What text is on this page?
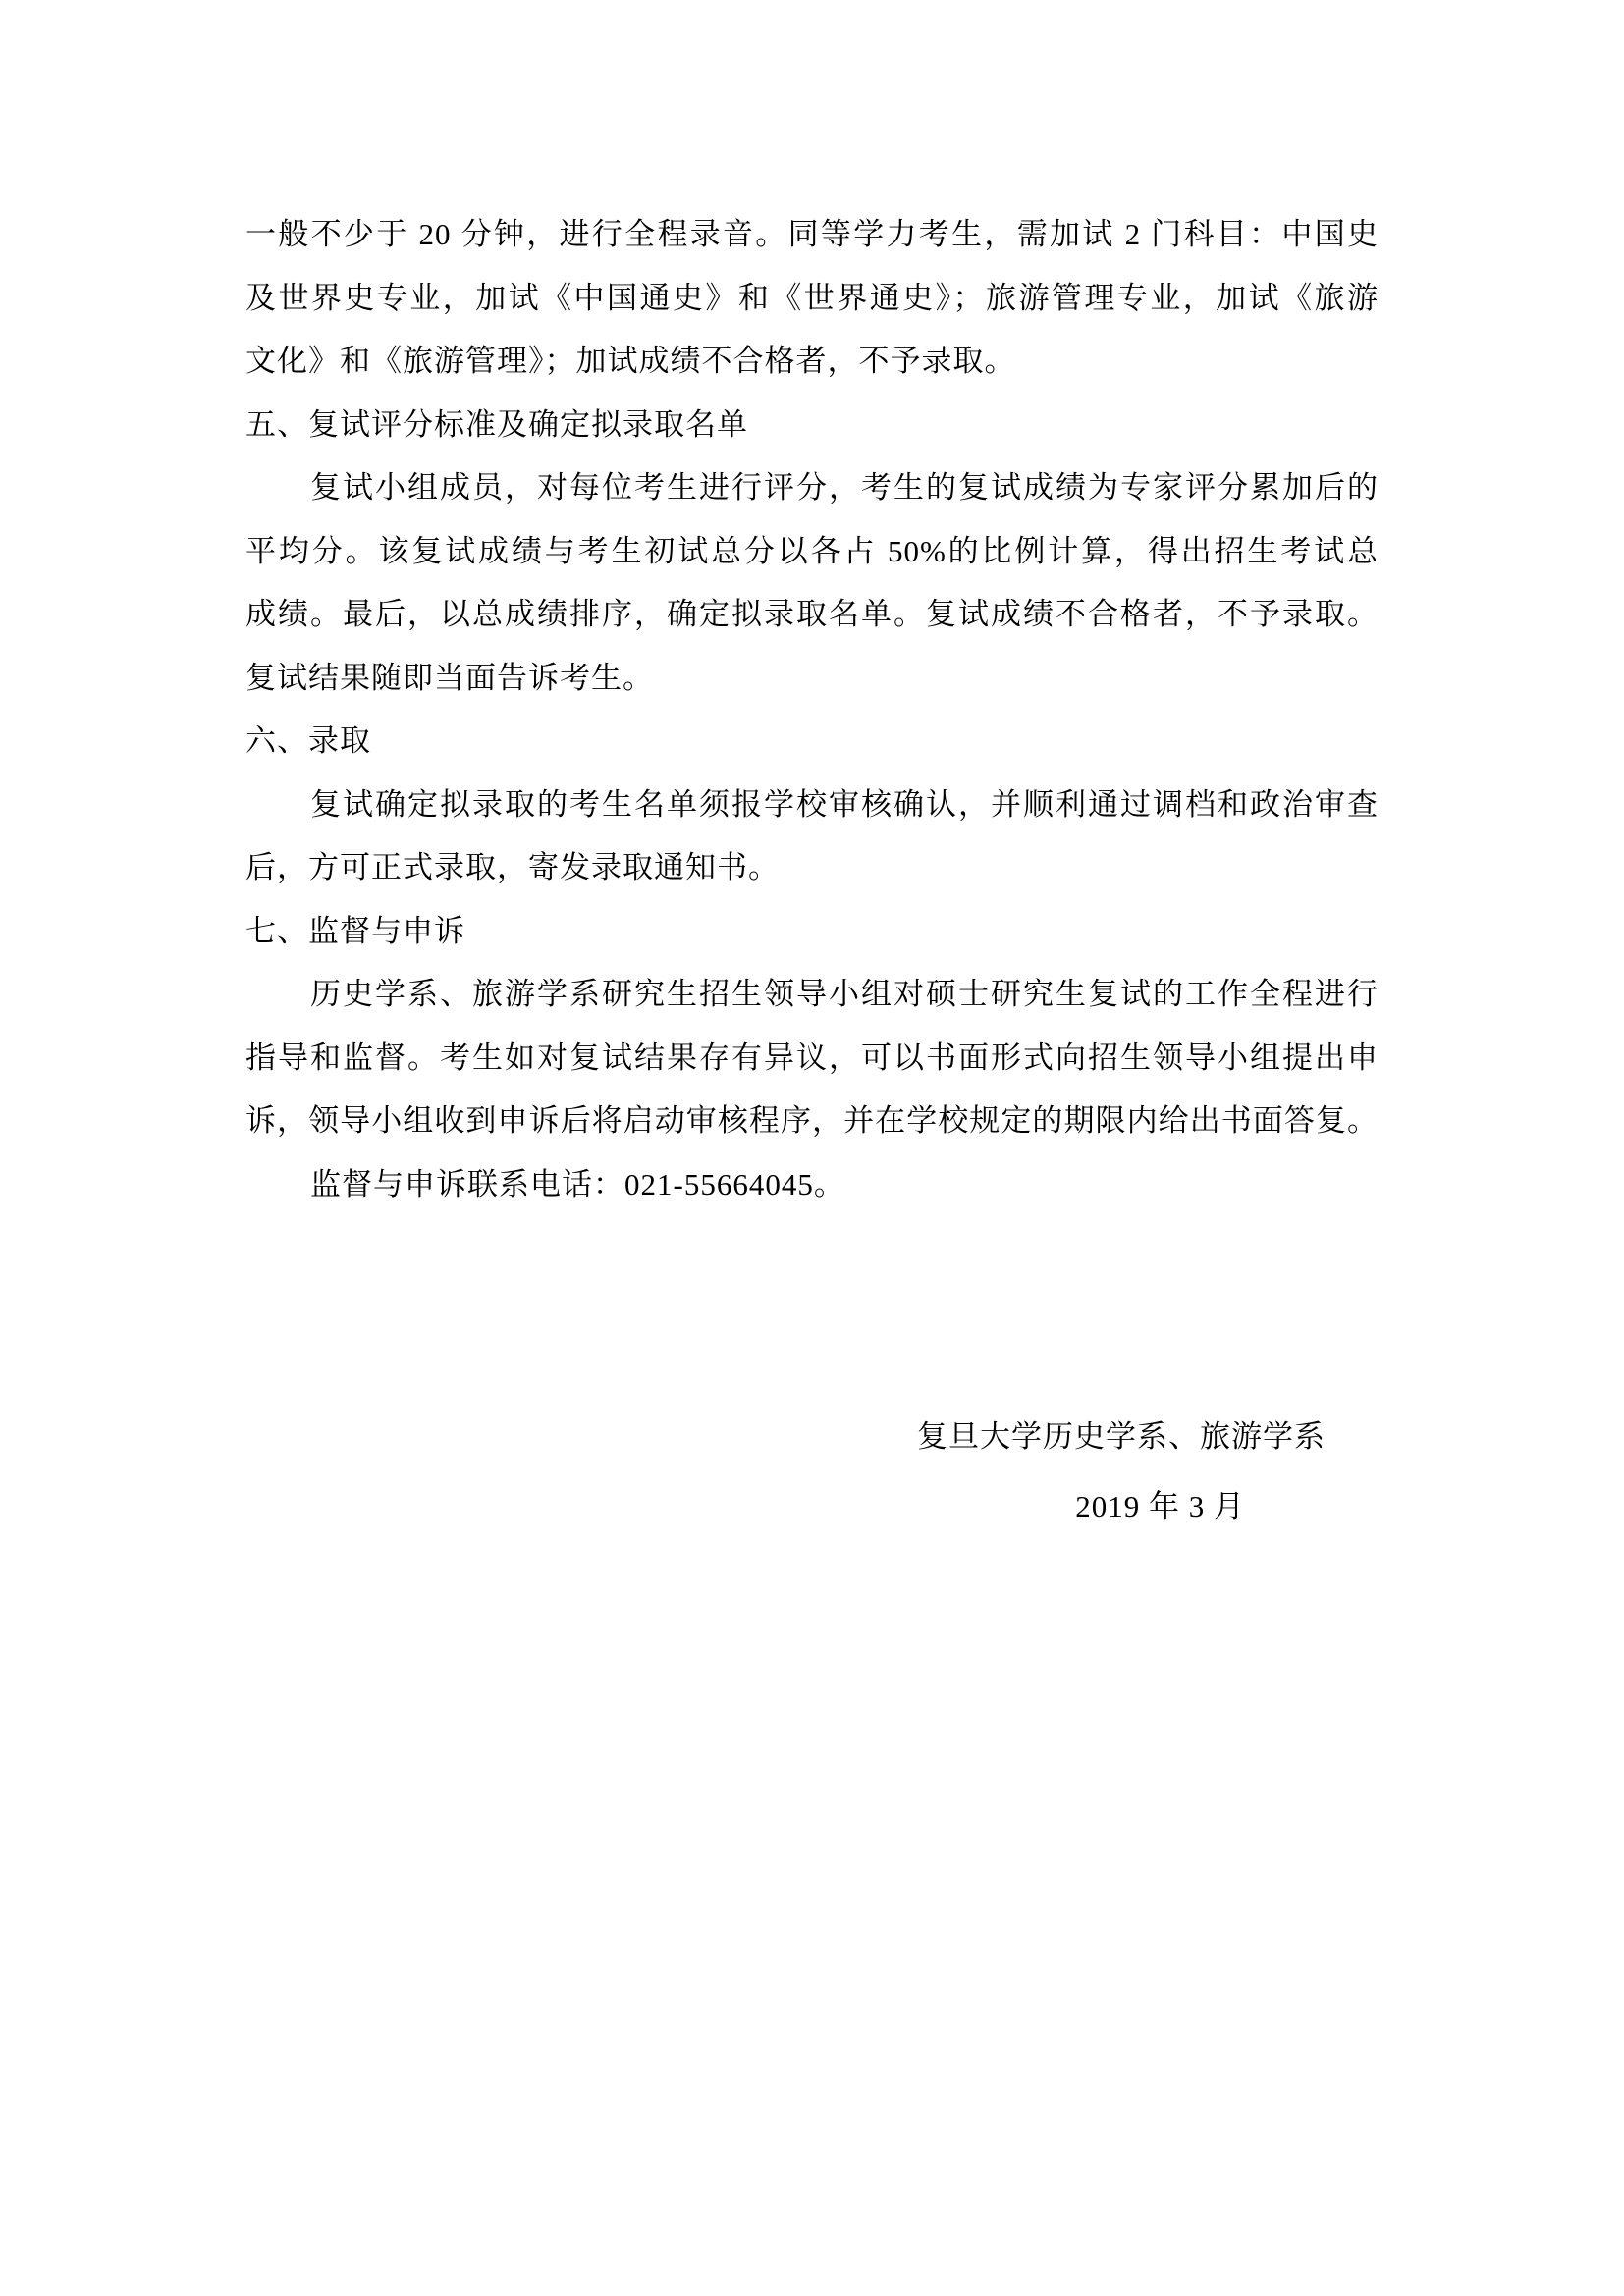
一般不少于 20 分钟，进行全程录音。同等学力考生，需加试 2 门科目：中国史
及世界史专业，加试《中国通史》和《世界通史》；旅游管理专业，加试《旅游
文化》和《旅游管理》；加试成绩不合格者，不予录取。
五、复试评分标准及确定拟录取名单
复试小组成员，对每位考生进行评分，考生的复试成绩为专家评分累加后的
平均分。该复试成绩与考生初试总分以各占 50%的比例计算，得出招生考试总
成绩。最后，以总成绩排序，确定拟录取名单。复试成绩不合格者，不予录取。
复试结果随即当面告诉考生。
六、录取
复试确定拟录取的考生名单须报学校审核确认，并顺利通过调档和政治审查
后，方可正式录取，寄发录取通知书。
七、监督与申诉
历史学系、旅游学系研究生招生领导小组对硕士研究生复试的工作全程进行
指导和监督。考生如对复试结果存有异议，可以书面形式向招生领导小组提出申
诉，领导小组收到申诉后将启动审核程序，并在学校规定的期限内给出书面答复。
监督与申诉联系电话：021-55664045。
复旦大学历史学系、旅游学系
2019 年 3 月
